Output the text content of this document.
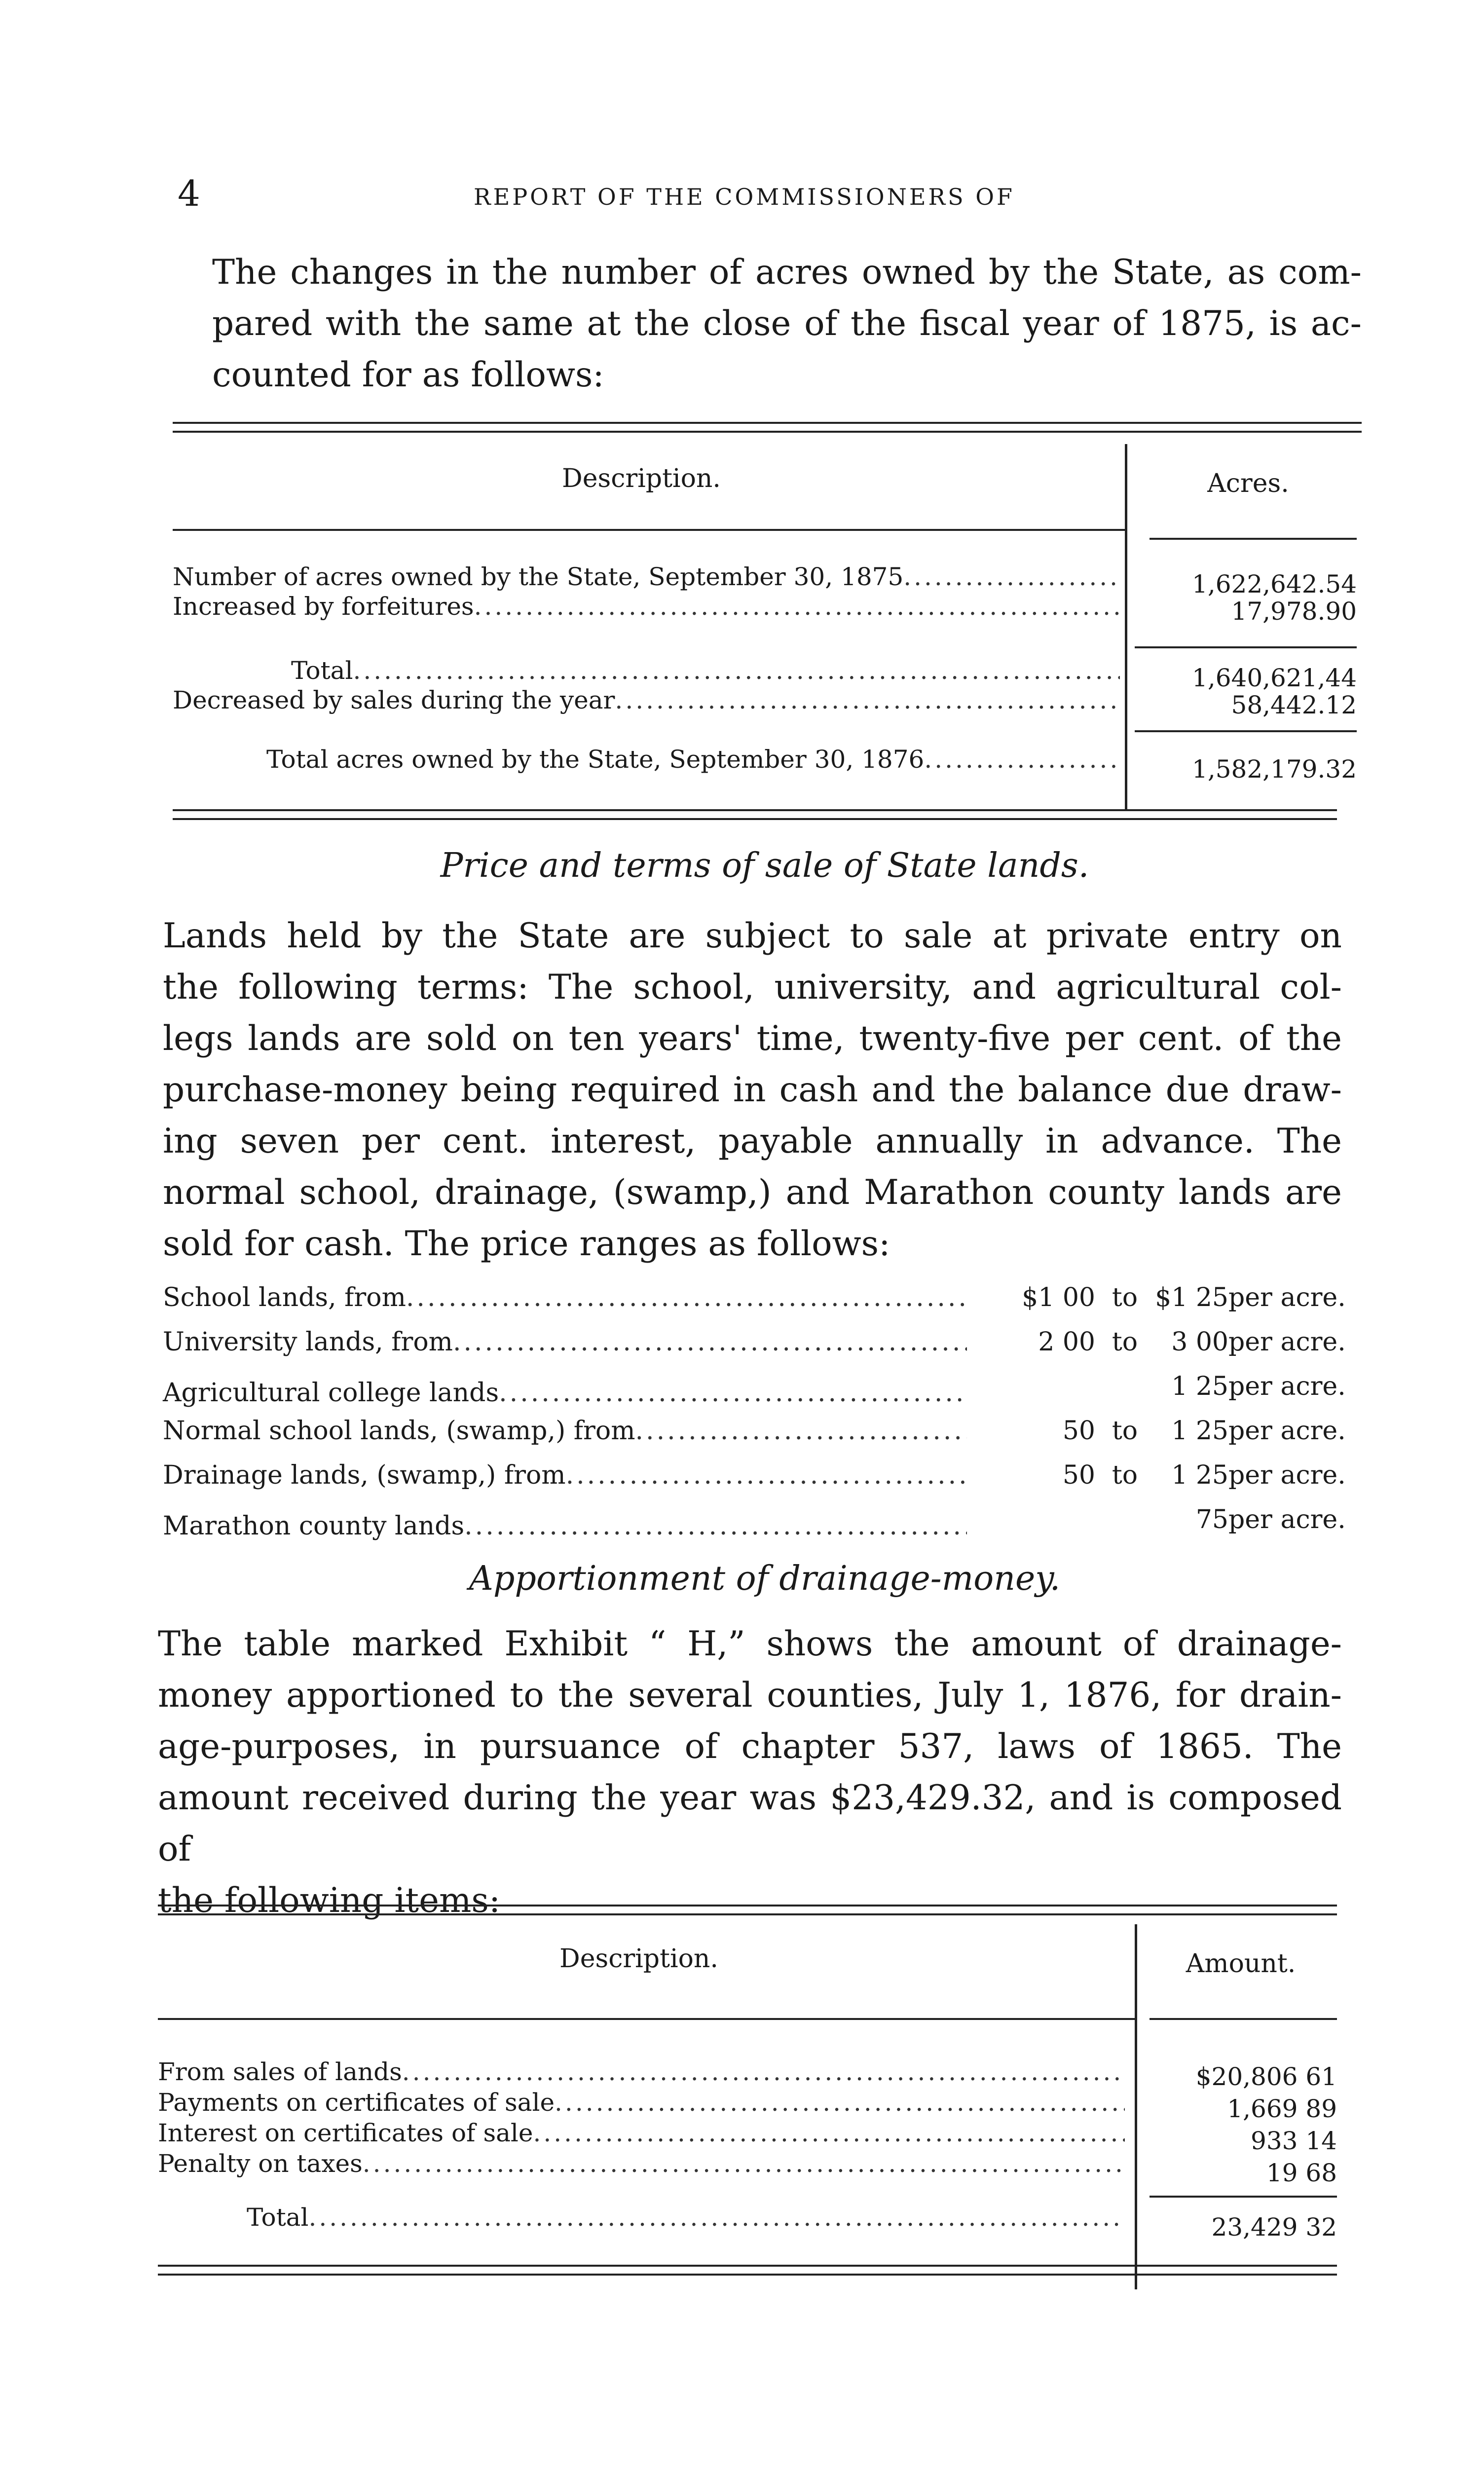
4	REPORT OF THE COMMISSIONERS OF
The changes in the number of acres owned by the State, as com-
pared with the same at the close of the fiscal year of 1875, is ac-
counted for as follows:
Description.	Acres.
Number of acres owned by the State, September 30, 1875 .....	1,622,642.54
Increased by forfeitures .....	17,978.90
Total .....	1,640,621,44
Decreased by sales during the year .....	58,442.12
Total acres owned by the State, September 30, 1876 .....	1,582,179.32
Price and terms of sale of State lands.
Lands held by the State are subject to sale at private entry on
the following terms: The school, university, and agricultural col-
legs lands are sold on ten years' time, twenty-five per cent. of the
purchase-money being required in cash and the balance due draw-
ing seven per cent. interest, payable annually in advance. The
normal school, drainage, (swamp,) and Marathon county lands are
sold for cash. The price ranges as follows:
School lands, from .....	$1 00 to $1 25 per acre.
University lands, from .....	2 00 to	3 00 per acre.
Agricultural college lands .....	1 25 per acre.
Normal school lands, (swamp,) from .....	50 to	1 25 per acre.
Drainage lands, (swamp,) from .....	50 to	1 25 per acre.
Marathon county lands .....	75 per acre.
Apportionment of drainage-money.
The table marked Exhibit “ H,” shows the amount of drainage-
money apportioned to the several counties, July 1, 1876, for drain-
age-purposes, in pursuance of chapter 537, laws of 1865. The
amount received during the year was $23,429.32, and is composed of
the following items:
Description.	Amount.
From sales of lands .....	$20,806 61
Payments on certificates of sale .....	1,669 89
Interest on certificates of sale .....	933 14
Penalty on taxes .....	19 68
Total .....	23,429 32
